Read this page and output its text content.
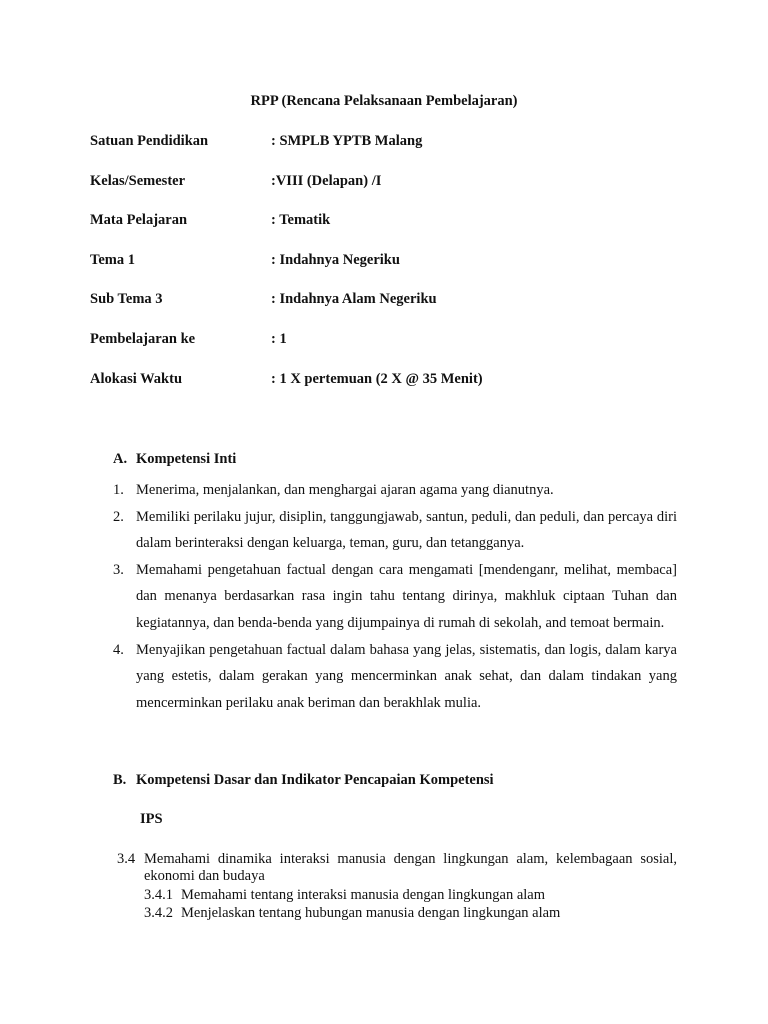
RPP (Rencana Pelaksanaan Pembelajaran)
Satuan Pendidikan	: SMPLB YPTB Malang
Kelas/Semester	:VIII (Delapan) /I
Mata Pelajaran	: Tematik
Tema 1	: Indahnya Negeriku
Sub Tema 3	: Indahnya Alam Negeriku
Pembelajaran ke	: 1
Alokasi Waktu	: 1 X pertemuan (2 X @ 35 Menit)
A. Kompetensi Inti
1. Menerima, menjalankan, dan menghargai ajaran agama yang dianutnya.
2. Memiliki perilaku jujur, disiplin, tanggungjawab, santun, peduli, dan peduli, dan percaya diri dalam berinteraksi dengan keluarga, teman, guru, dan tetangganya.
3. Memahami pengetahuan factual dengan cara mengamati [mendenganr, melihat, membaca] dan menanya berdasarkan rasa ingin tahu tentang dirinya, makhluk ciptaan Tuhan dan kegiatannya, dan benda-benda yang dijumpainya di rumah di sekolah, and temoat bermain.
4. Menyajikan pengetahuan factual dalam bahasa yang jelas, sistematis, dan logis, dalam karya yang estetis, dalam gerakan yang mencerminkan anak sehat, dan dalam tindakan yang mencerminkan perilaku anak beriman dan berakhlak mulia.
B. Kompetensi Dasar dan Indikator Pencapaian Kompetensi
IPS
3.4 Memahami dinamika interaksi manusia dengan lingkungan alam, kelembagaan sosial, ekonomi dan budaya
3.4.1 Memahami tentang interaksi manusia dengan lingkungan alam
3.4.2 Menjelaskan tentang hubungan manusia dengan lingkungan alam
